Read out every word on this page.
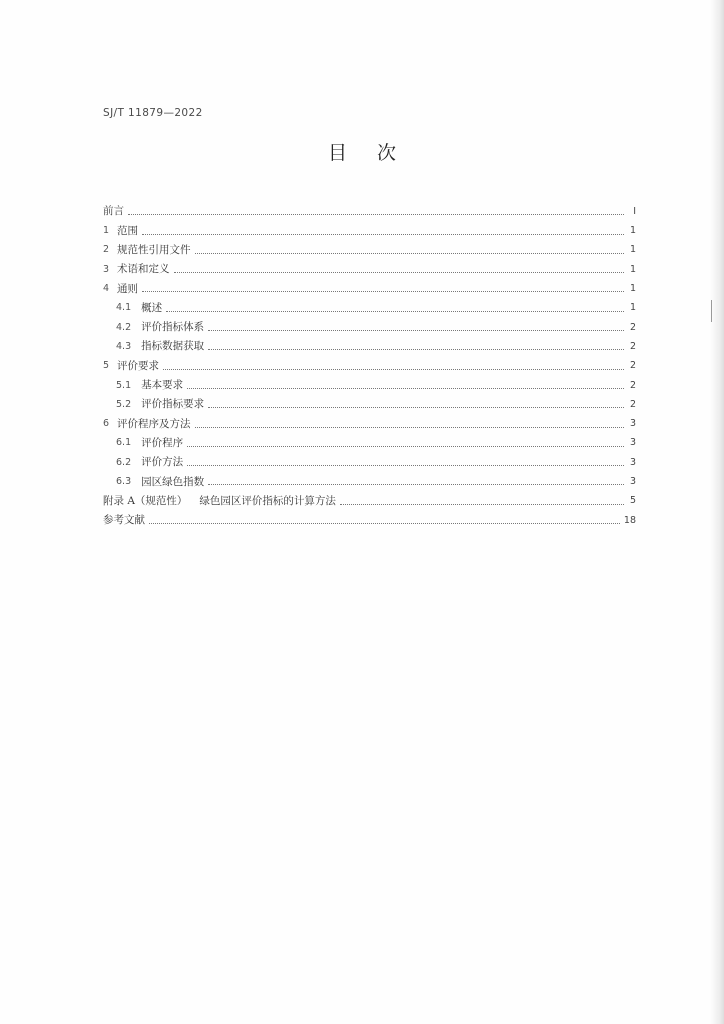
SJ/T 11879—2022
目 次
前言	I
1 范围	1
2 规范性引用文件	1
3 术语和定义	1
4 通则	1
4.1 概述	1
4.2 评价指标体系	2
4.3 指标数据获取	2
5 评价要求	2
5.1 基本要求	2
5.2 评价指标要求	2
6 评价程序及方法	3
6.1 评价程序	3
6.2 评价方法	3
6.3 园区绿色指数	3
附录 A（规范性） 绿色园区评价指标的计算方法	5
参考文献	18
